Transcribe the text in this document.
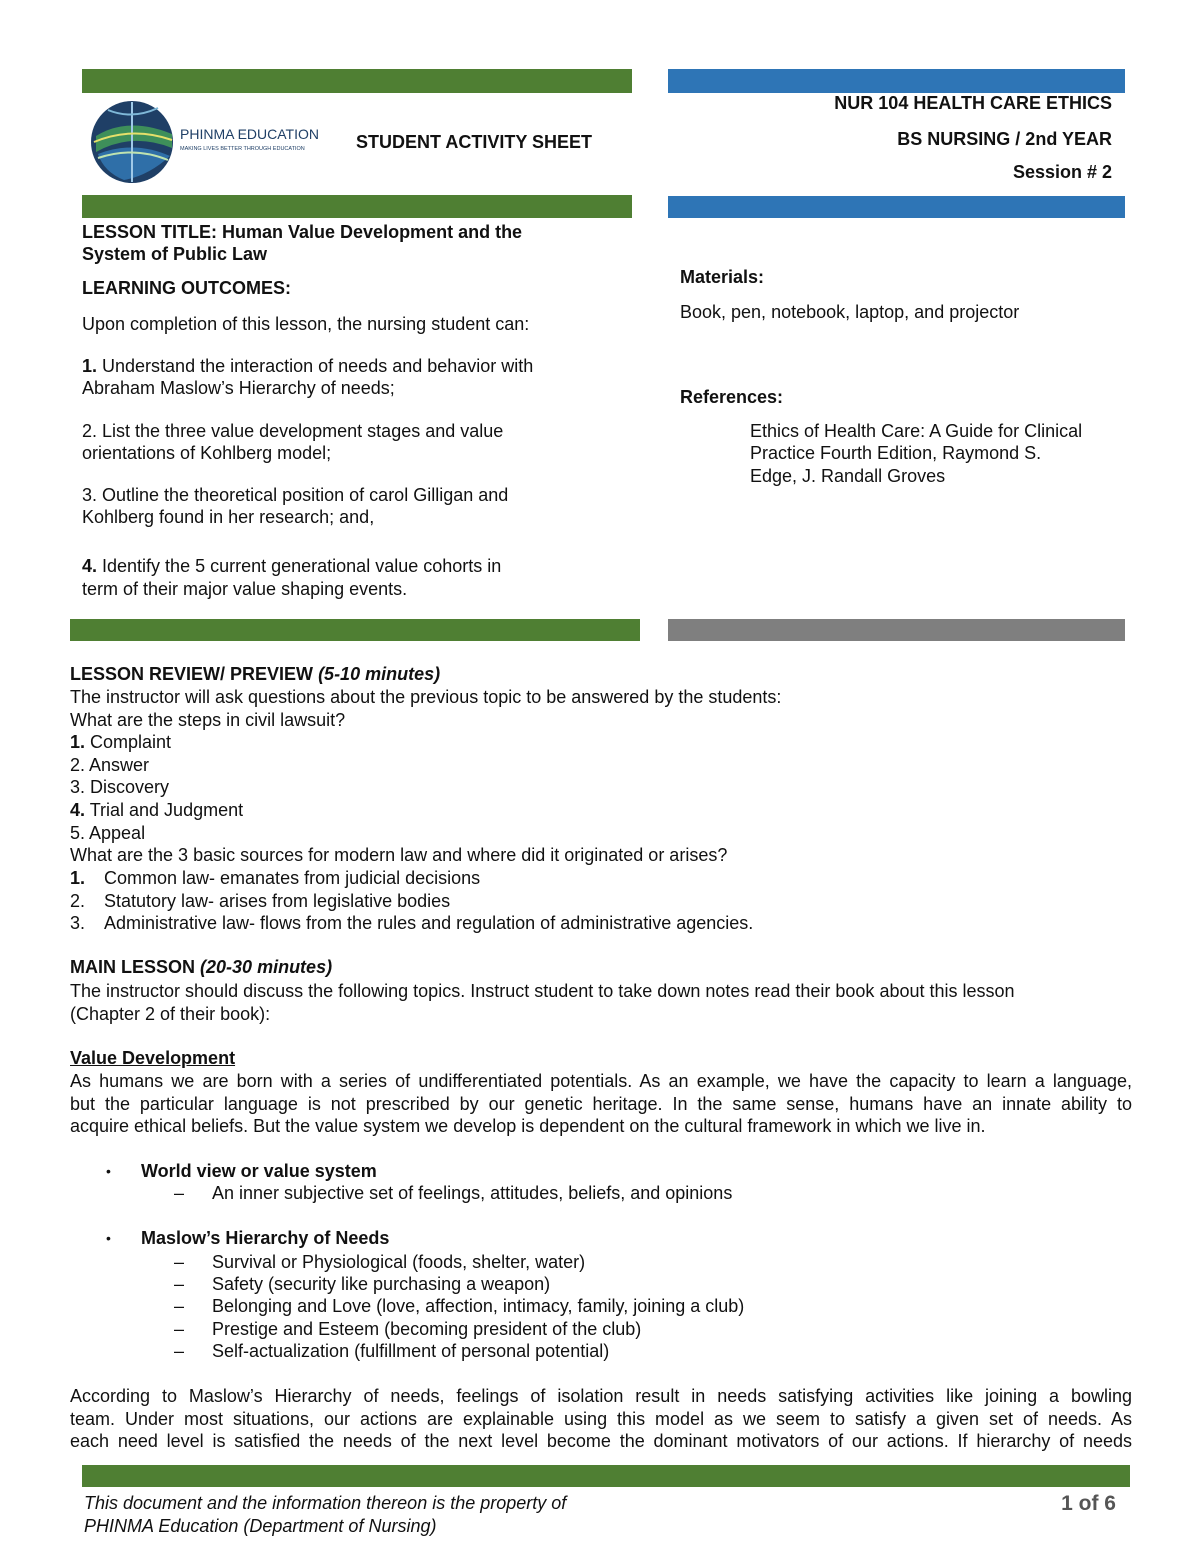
PHINMA EDUCATION
MAKING LIVES BETTER THROUGH EDUCATION	STUDENT ACTIVITY SHEET
NUR 104 HEALTH CARE ETHICS
BS NURSING / 2nd YEAR
Session # 2
LESSON TITLE: Human Value Development and the
System of Public Law
LEARNING OUTCOMES:
Upon completion of this lesson, the nursing student can:
1. Understand the interaction of needs and behavior with
Abraham Maslow’s Hierarchy of needs;
2. List the three value development stages and value
orientations of Kohlberg model;
3. Outline the theoretical position of carol Gilligan and
Kohlberg found in her research; and,
4. Identify the 5 current generational value cohorts in
term of their major value shaping events.
Materials:
Book, pen, notebook, laptop, and projector
References:
Ethics of Health Care: A Guide for Clinical
Practice Fourth Edition, Raymond S.
Edge, J. Randall Groves
LESSON REVIEW/ PREVIEW (5-10 minutes)
The instructor will ask questions about the previous topic to be answered by the students:
What are the steps in civil lawsuit?
1. Complaint
2. Answer
3. Discovery
4. Trial and Judgment
5. Appeal
What are the 3 basic sources for modern law and where did it originated or arises?
1. Common law- emanates from judicial decisions
2. Statutory law- arises from legislative bodies
3. Administrative law- flows from the rules and regulation of administrative agencies.
MAIN LESSON (20-30 minutes)
The instructor should discuss the following topics. Instruct student to take down notes read their book about this lesson
(Chapter 2 of their book):
Value Development
As humans we are born with a series of undifferentiated potentials. As an example, we have the capacity to learn a language,
but the particular language is not prescribed by our genetic heritage. In the same sense, humans have an innate ability to
acquire ethical beliefs. But the value system we develop is dependent on the cultural framework in which we live in.
• World view or value system
– An inner subjective set of feelings, attitudes, beliefs, and opinions
• Maslow’s Hierarchy of Needs
– Survival or Physiological (foods, shelter, water)
– Safety (security like purchasing a weapon)
– Belonging and Love (love, affection, intimacy, family, joining a club)
– Prestige and Esteem (becoming president of the club)
– Self-actualization (fulfillment of personal potential)
According to Maslow’s Hierarchy of needs, feelings of isolation result in needs satisfying activities like joining a bowling
team. Under most situations, our actions are explainable using this model as we seem to satisfy a given set of needs. As
each need level is satisfied the needs of the next level become the dominant motivators of our actions. If hierarchy of needs
This document and the information thereon is the property of
PHINMA Education (Department of Nursing)
1 of 6
